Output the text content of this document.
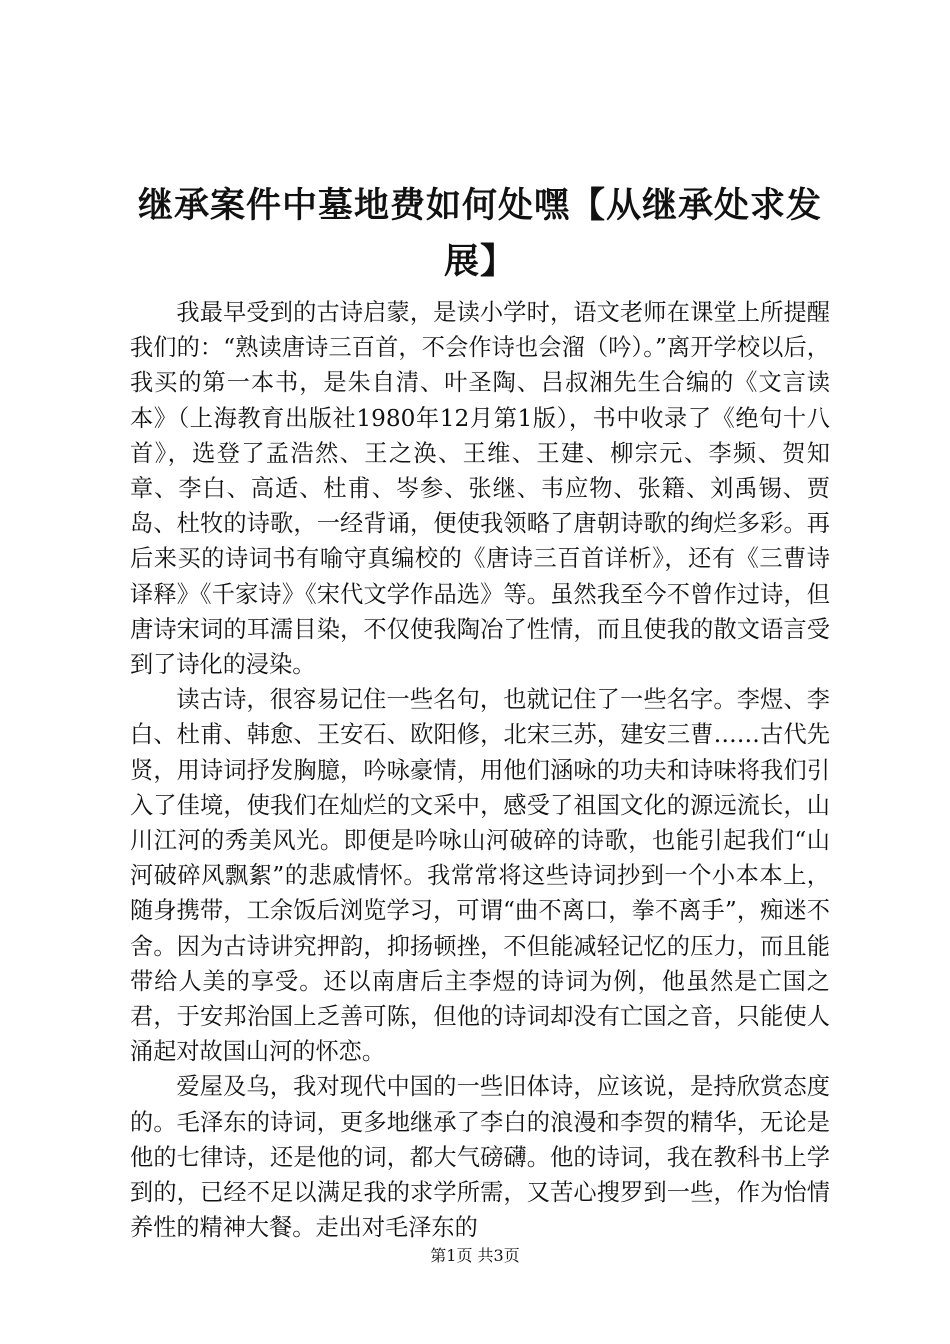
继承案件中墓地费如何处嘿【从继承处求发展】

我最早受到的古诗启蒙，是读小学时，语文老师在课堂上所提醒我们的：“熟读唐诗三百首，不会作诗也会溜（吟）。”离开学校以后，我买的第一本书，是朱自清、叶圣陶、吕叔湘先生合编的《文言读本》（上海教育出版社1980年12月第1版），书中收录了《绝句十八首》，选登了孟浩然、王之涣、王维、王建、柳宗元、李频、贺知章、李白、高适、杜甫、岑参、张继、韦应物、张籍、刘禹锡、贾岛、杜牧的诗歌，一经背诵，便使我领略了唐朝诗歌的绚烂多彩。再后来买的诗词书有喻守真编校的《唐诗三百首详析》，还有《三曹诗译释》《千家诗》《宋代文学作品选》等。虽然我至今不曾作过诗，但唐诗宋词的耳濡目染，不仅使我陶冶了性情，而且使我的散文语言受到了诗化的浸染。

读古诗，很容易记住一些名句，也就记住了一些名字。李煜、李白、杜甫、韩愈、王安石、欧阳修，北宋三苏，建安三曹……古代先贤，用诗词抒发胸臆，吟咏豪情，用他们涵咏的功夫和诗味将我们引入了佳境，使我们在灿烂的文采中，感受了祖国文化的源远流长，山川江河的秀美风光。即便是吟咏山河破碎的诗歌，也能引起我们“山河破碎风飘絮”的悲戚情怀。我常常将这些诗词抄到一个小本本上，随身携带，工余饭后浏览学习，可谓“曲不离口，拳不离手”，痴迷不舍。因为古诗讲究押韵，抑扬顿挫，不但能减轻记忆的压力，而且能带给人美的享受。还以南唐后主李煜的诗词为例，他虽然是亡国之君，于安邦治国上乏善可陈，但他的诗词却没有亡国之音，只能使人涌起对故国山河的怀恋。

爱屋及乌，我对现代中国的一些旧体诗，应该说，是持欣赏态度的。毛泽东的诗词，更多地继承了李白的浪漫和李贺的精华，无论是他的七律诗，还是他的词，都大气磅礴。他的诗词，我在教科书上学到的，已经不足以满足我的求学所需，又苦心搜罗到一些，作为怡情养性的精神大餐。走出对毛泽东的

第1页 共3页
